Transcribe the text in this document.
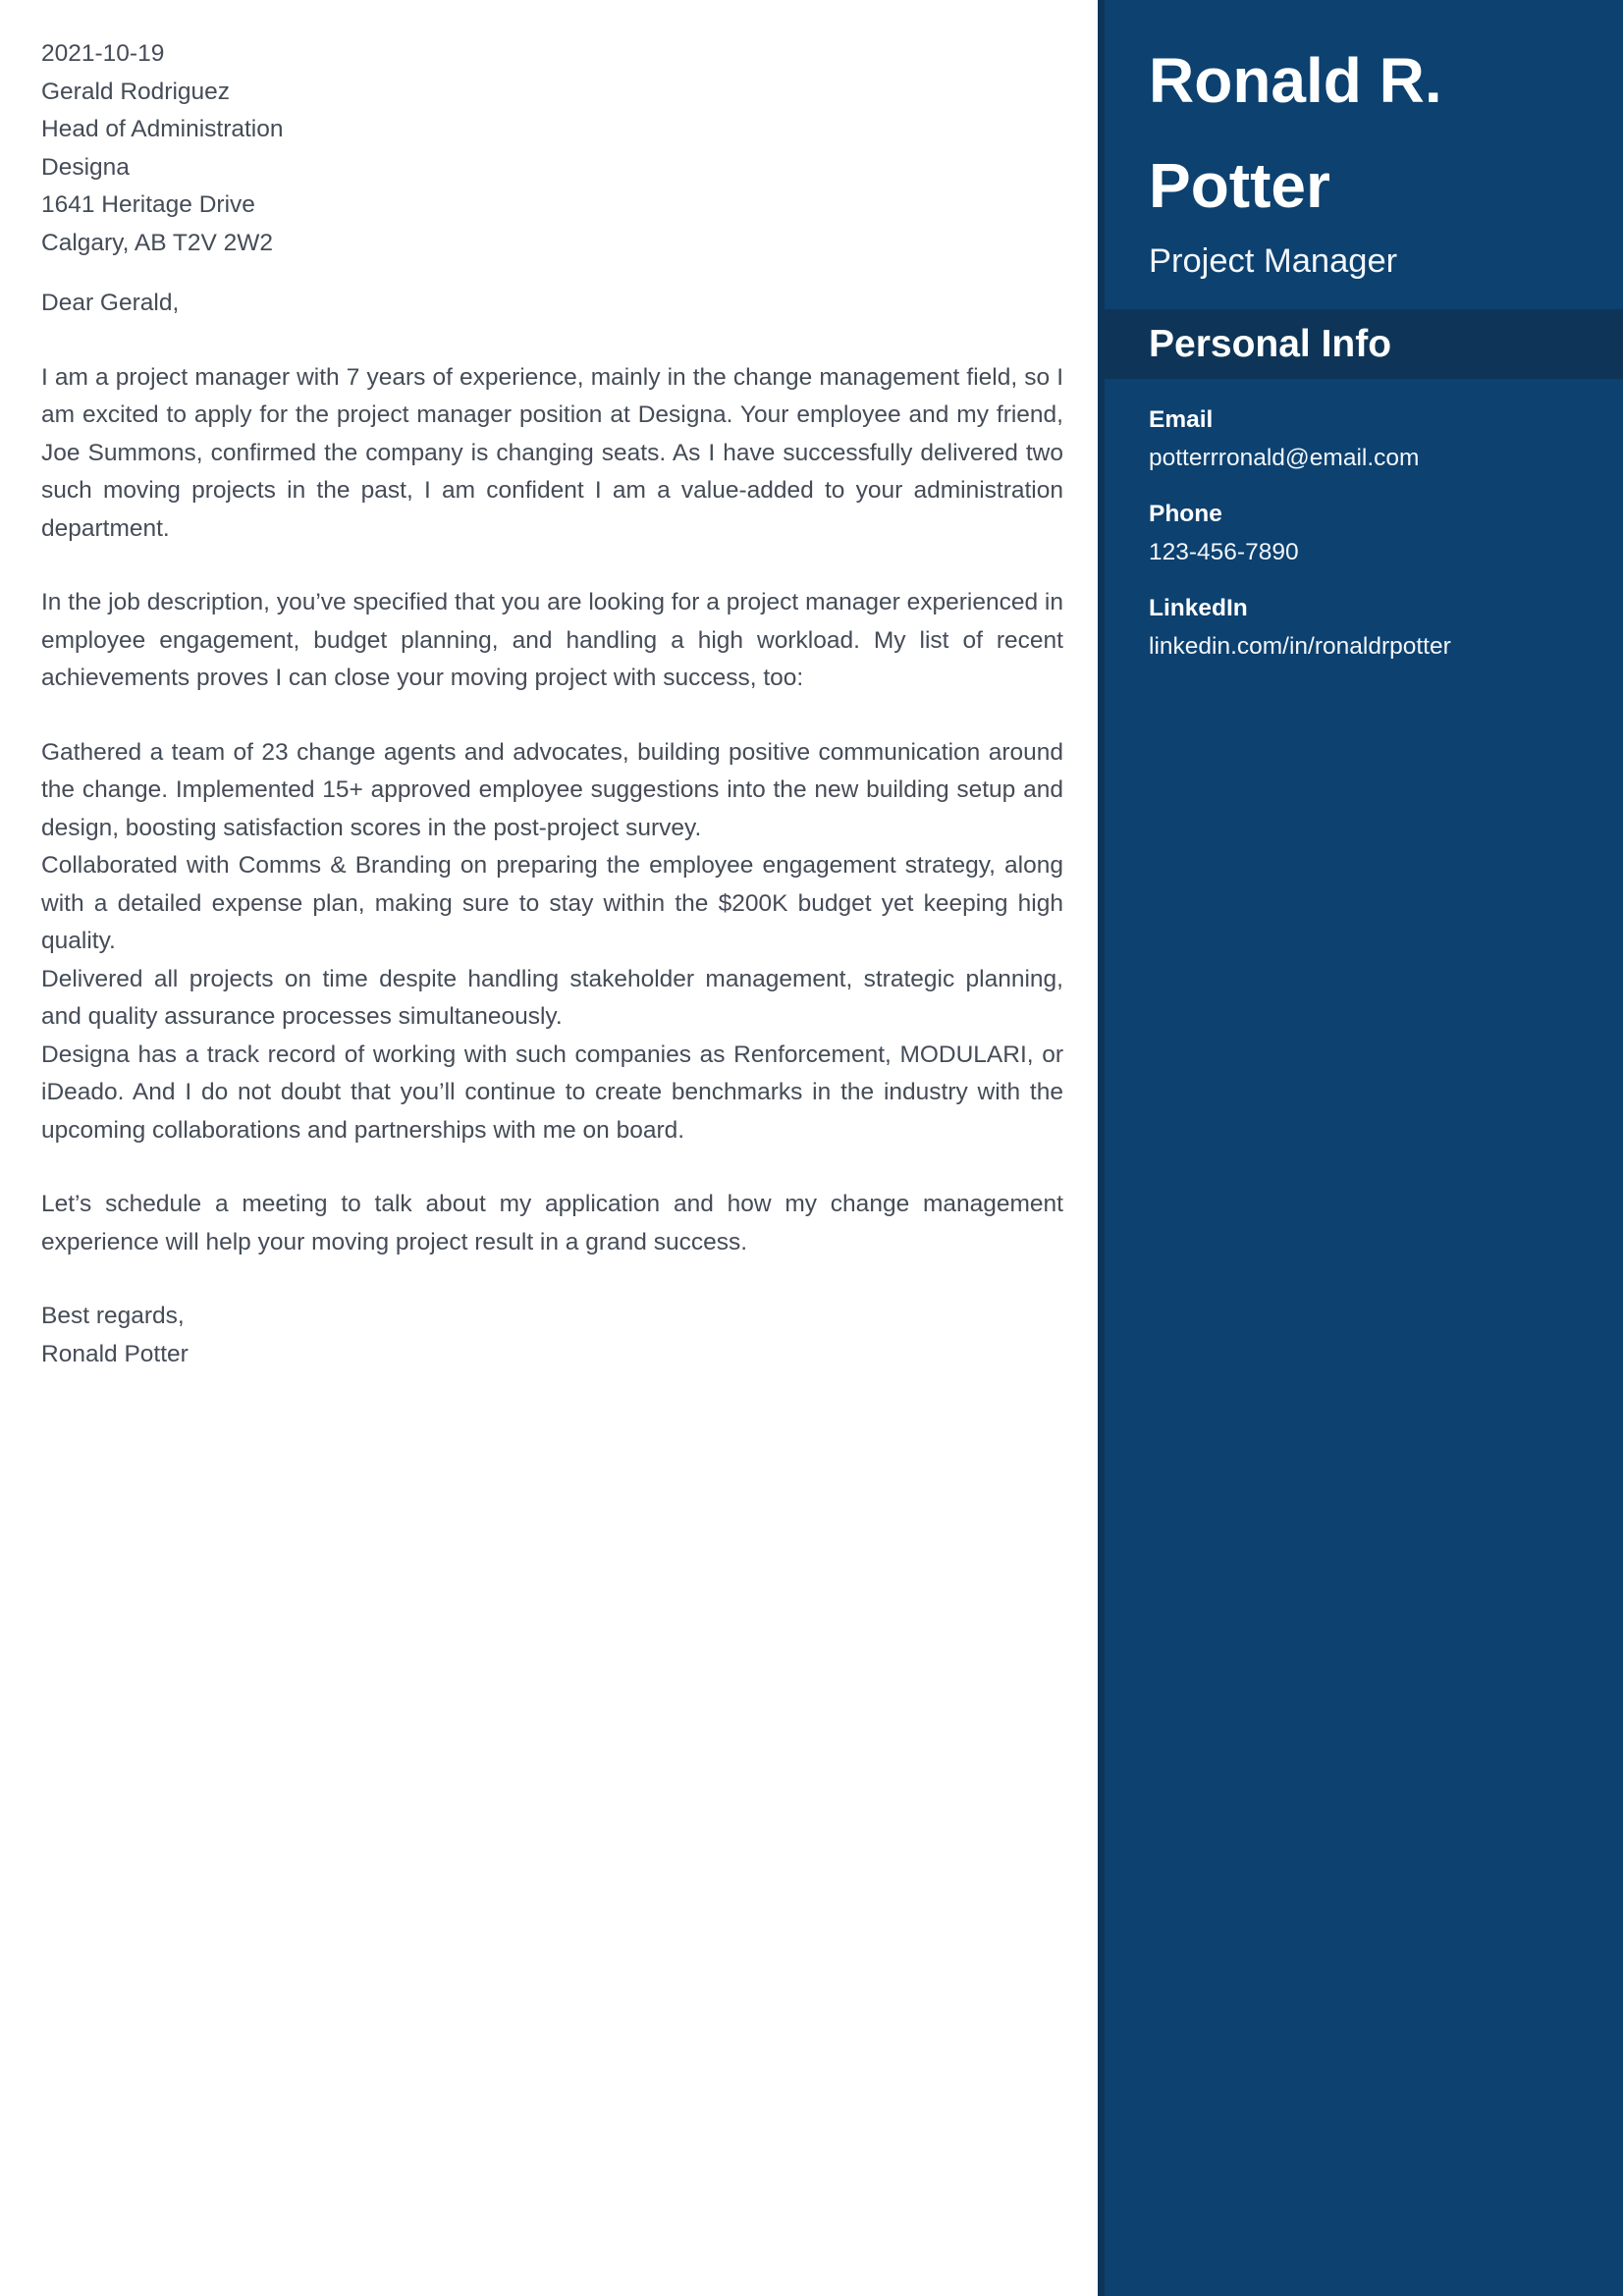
2021-10-19
Gerald Rodriguez
Head of Administration
Designa
1641 Heritage Drive
Calgary, AB T2V 2W2
Dear Gerald,

I am a project manager with 7 years of experience, mainly in the change management field, so I am excited to apply for the project manager position at Designa. Your employee and my friend, Joe Summons, confirmed the company is changing seats. As I have successfully delivered two such moving projects in the past, I am confident I am a value-added to your administration department.

In the job description, you’ve specified that you are looking for a project manager experienced in employee engagement, budget planning, and handling a high workload. My list of recent achievements proves I can close your moving project with success, too:

Gathered a team of 23 change agents and advocates, building positive communication around the change. Implemented 15+ approved employee suggestions into the new building setup and design, boosting satisfaction scores in the post-project survey.

Collaborated with Comms & Branding on preparing the employee engagement strategy, along with a detailed expense plan, making sure to stay within the $200K budget yet keeping high quality.

Delivered all projects on time despite handling stakeholder management, strategic planning, and quality assurance processes simultaneously.

Designa has a track record of working with such companies as Renforcement, MODULARI, or iDeado. And I do not doubt that you’ll continue to create benchmarks in the industry with the upcoming collaborations and partnerships with me on board.

Let’s schedule a meeting to talk about my application and how my change management experience will help your moving project result in a grand success.

Best regards,
Ronald Potter
Ronald R. Potter
Project Manager
Personal Info
Email
potterrronald@email.com
Phone
123-456-7890
LinkedIn
linkedin.com/in/ronaldrpotter
